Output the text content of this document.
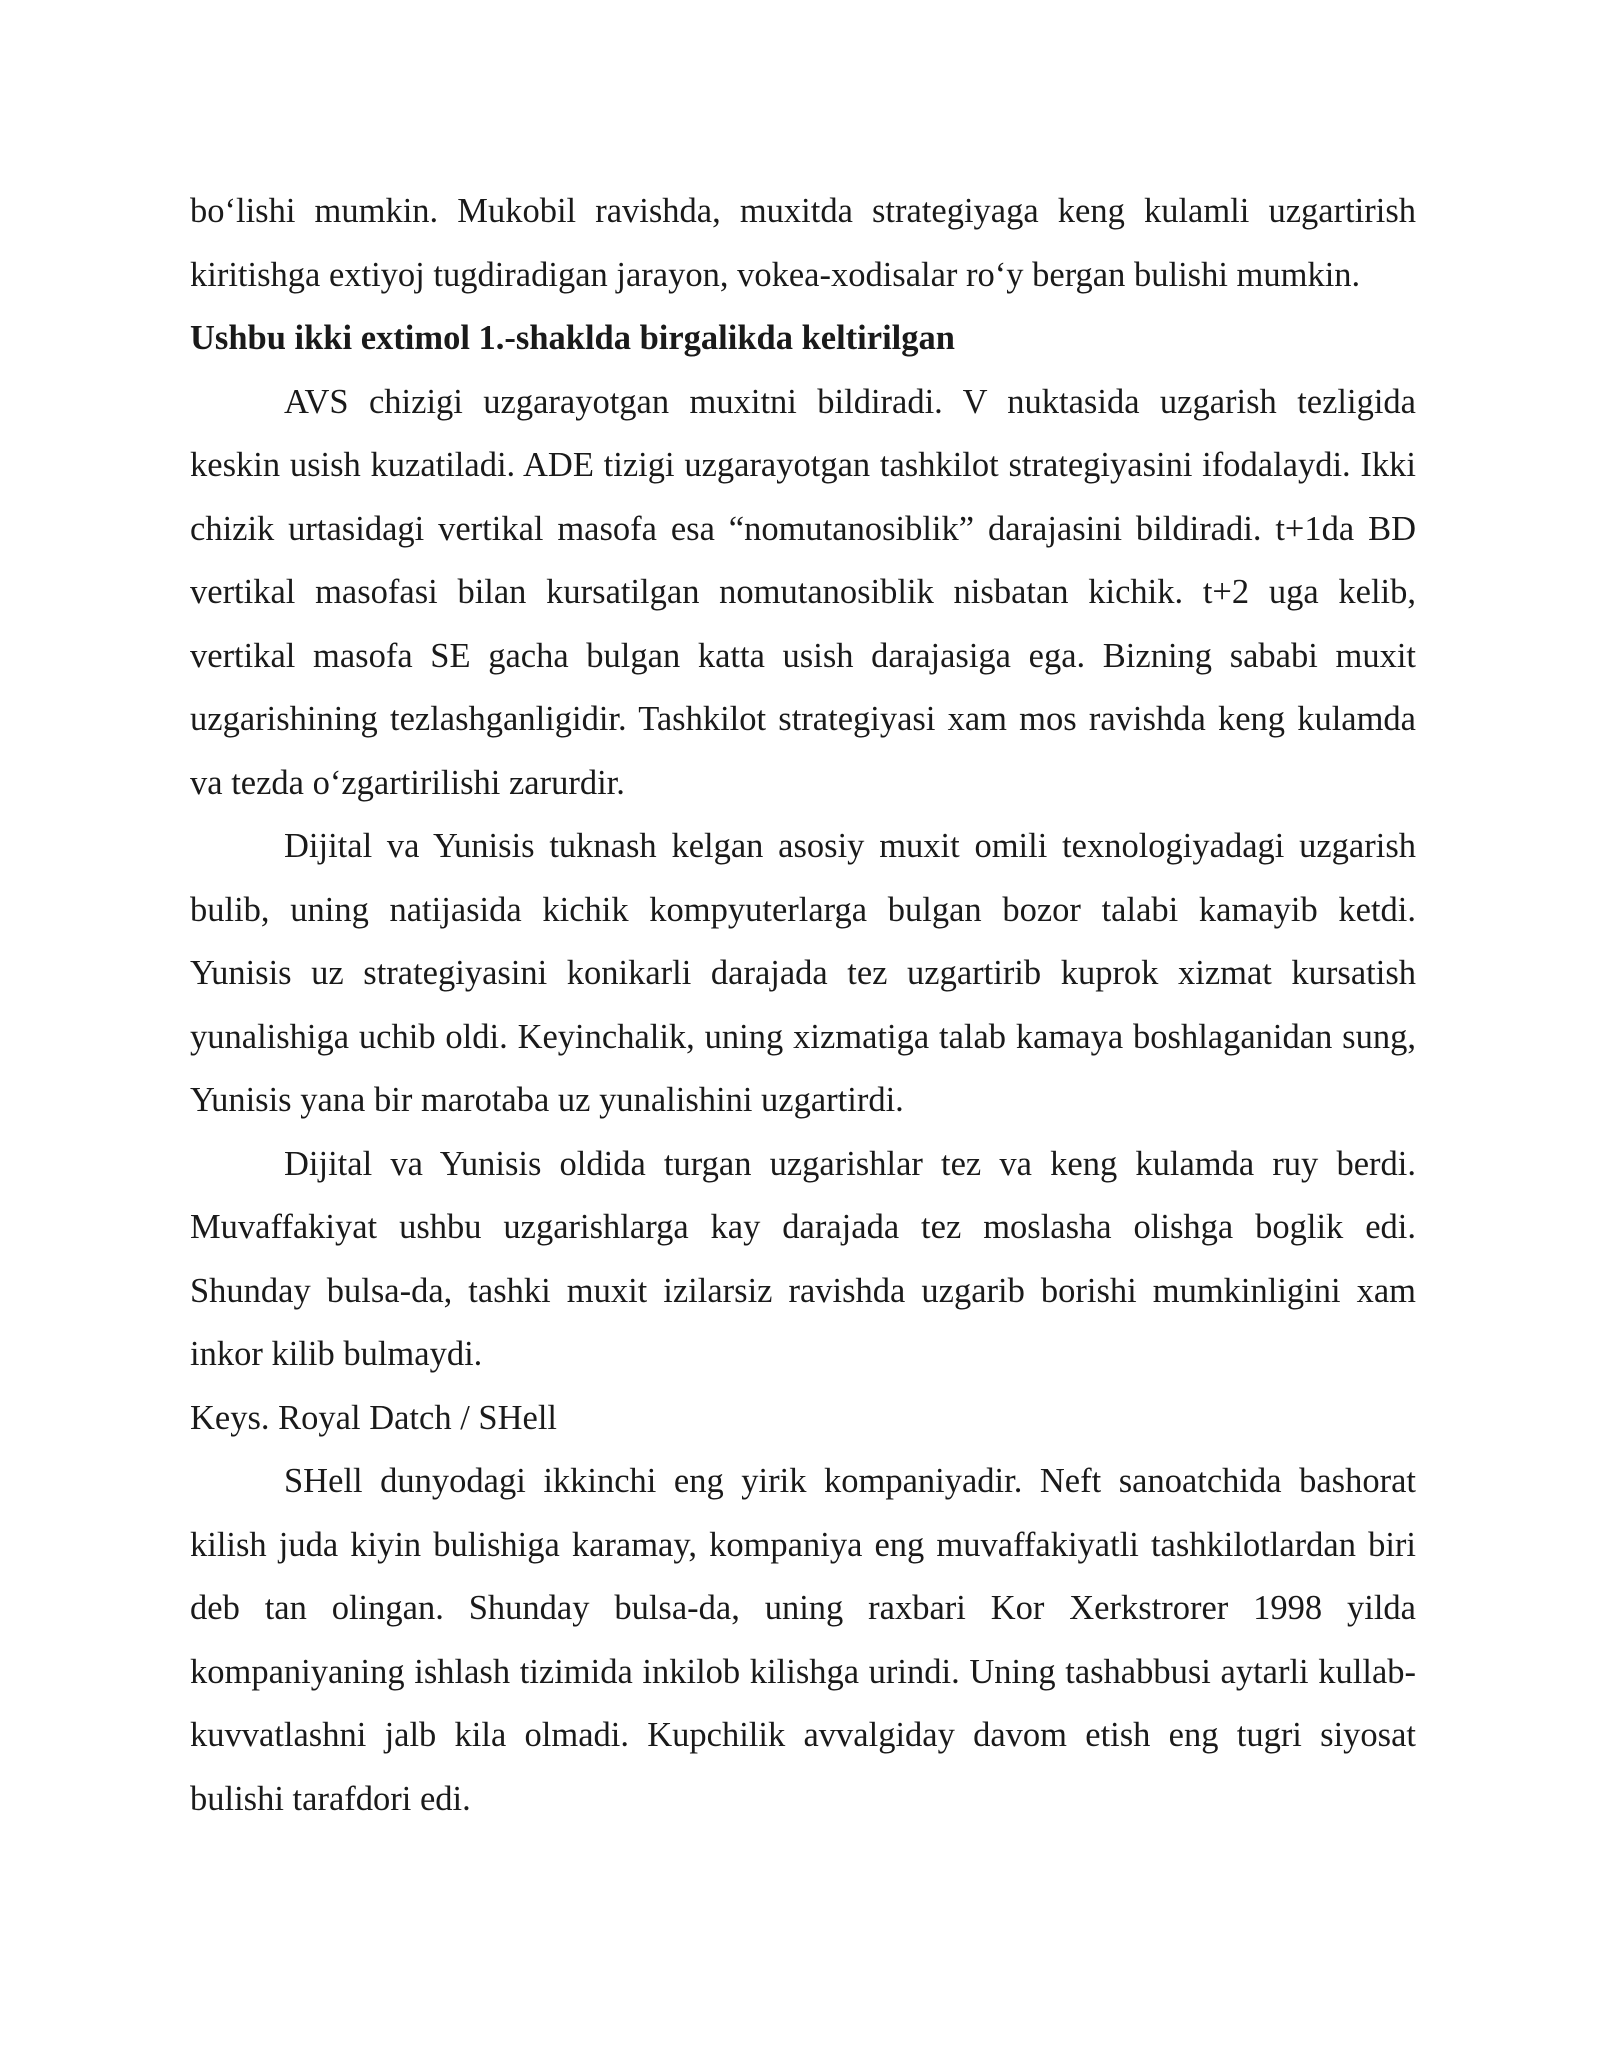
boʻlishi mumkin. Mukobil ravishda, muxitda strategiyaga keng kulamli uzgartirish kiritishga extiyoj tugdiradigan jarayon, vokea-xodisalar roʻy bergan bulishi mumkin.

Ushbu ikki extimol 1.-shaklda birgalikda keltirilgan

AVS chizigi uzgarayotgan muxitni bildiradi. V nuktasida uzgarish tezligida keskin usish kuzatiladi. ADE tizigi uzgarayotgan tashkilot strategiyasini ifodalaydi. Ikki chizik urtasidagi vertikal masofa esa “nomutanosiblik” darajasini bildiradi. t+1da BD vertikal masofasi bilan kursatilgan nomutanosiblik nisbatan kichik. t+2 uga kelib, vertikal masofa SE gacha bulgan katta usish darajasiga ega. Bizning sababi muxit uzgarishining tezlashganligidir. Tashkilot strategiyasi xam mos ravishda keng kulamda va tezda oʻzgartirilishi zarurdir.

Dijital va Yunisis tuknash kelgan asosiy muxit omili texnologiyadagi uzgarish bulib, uning natijasida kichik kompyuterlarga bulgan bozor talabi kamayib ketdi. Yunisis uz strategiyasini konikarli darajada tez uzgartirib kuprok xizmat kursatish yunalishiga uchib oldi. Keyinchalik, uning xizmatiga talab kamaya boshlaganidan sung, Yunisis yana bir marotaba uz yunalishini uzgartirdi.

Dijital va Yunisis oldida turgan uzgarishlar tez va keng kulamda ruy berdi. Muvaffakiyat ushbu uzgarishlarga kay darajada tez moslasha olishga boglik edi. Shunday bulsa-da, tashki muxit izilarsiz ravishda uzgarib borishi mumkinligini xam inkor kilib bulmaydi.

Keys. Royal Datch / SHell

SHell dunyodagi ikkinchi eng yirik kompaniyadir. Neft sanoatchida bashorat kilish juda kiyin bulishiga karamay, kompaniya eng muvaffakiyatli tashkilotlardan biri deb tan olingan. Shunday bulsa-da, uning raxbari Kor Xerkstrorer 1998 yilda kompaniyaning ishlash tizimida inkilob kilishga urindi. Uning tashabbusi aytarli kullab-kuvvatlashni jalb kila olmadi. Kupchilik avvalgiday davom etish eng tugri siyosat bulishi tarafdori edi.
